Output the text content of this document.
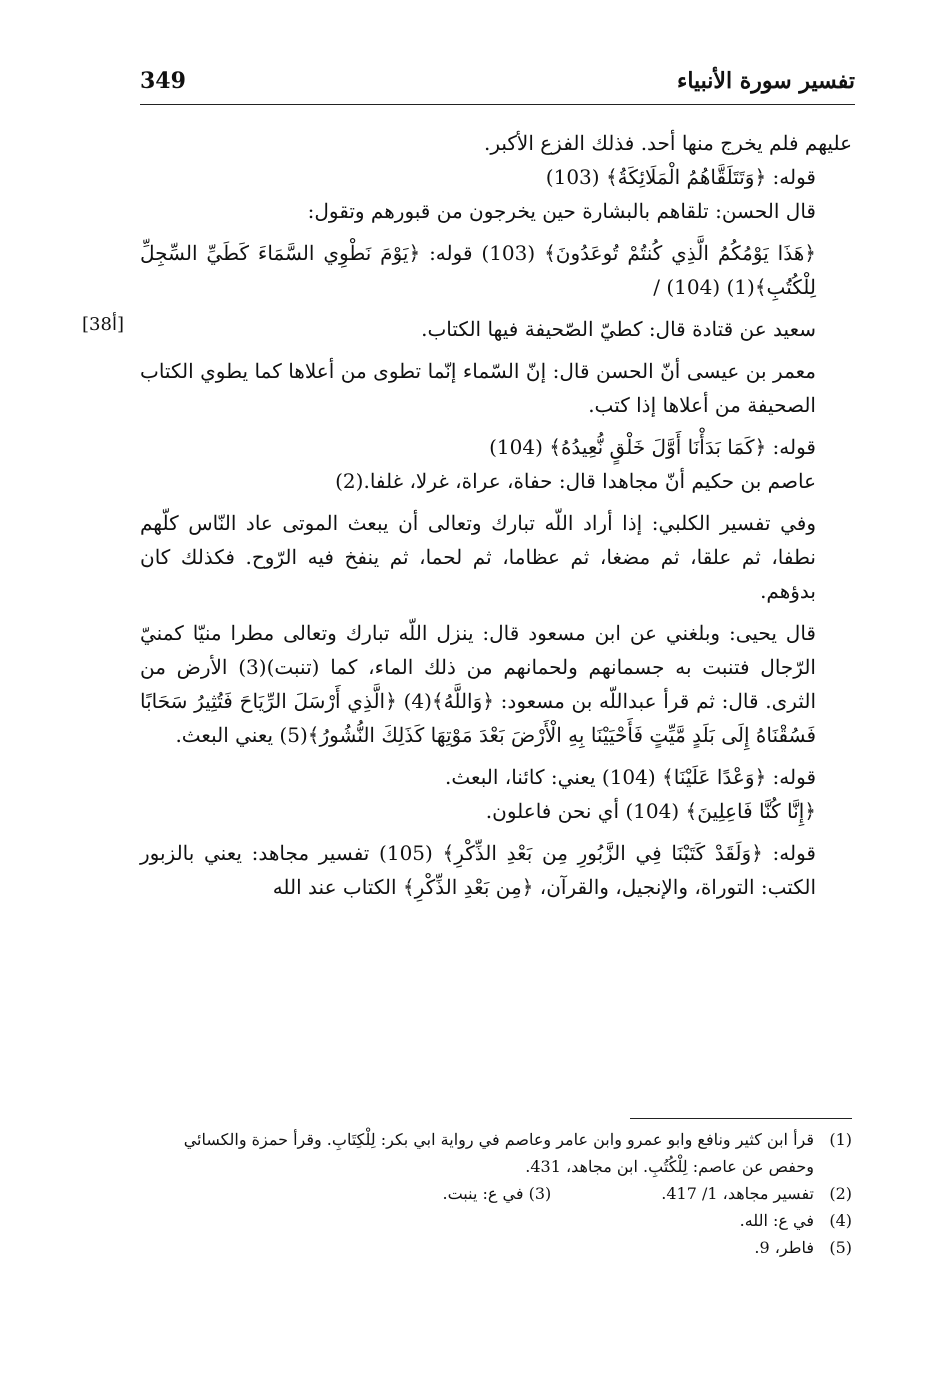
349	تفسير سورة الأنبياء
[38أ]

عليهم فلم يخرج منها أحد. فذلك الفزع الأكبر.

قوله: ﴿وَتَتَلَقَّاهُمُ الْمَلَائِكَةُ﴾ (103)

قال الحسن: تلقاهم بالبشارة حين يخرجون من قبورهم وتقول:

﴿هَذَا يَوْمُكُمُ الَّذِي كُنتُمْ تُوعَدُونَ﴾ (103) قوله: ﴿يَوْمَ نَطْوِي السَّمَاءَ كَطَيِّ السِّجِلِّ لِلْكُتُبِ﴾(1) (104) /

سعيد عن قتادة قال: كطيّ الصّحيفة فيها الكتاب.

معمر بن عيسى أنّ الحسن قال: إنّ السّماء إنّما تطوى من أعلاها كما يطوي الكتاب الصحيفة من أعلاها إذا كتب.

قوله: ﴿كَمَا بَدَأْنَا أَوَّلَ خَلْقٍ نُّعِيدُهُ﴾ (104)

عاصم بن حكيم أنّ مجاهدا قال: حفاة، عراة، غرلا، غلفا.(2)

وفي تفسير الكلبي: إذا أراد اللّه تبارك وتعالى أن يبعث الموتى عاد النّاس كلّهم نطفا، ثم علقا، ثم مضغا، ثم عظاما، ثم لحما، ثم ينفخ فيه الرّوح. فكذلك كان بدؤهم.

قال يحيى: وبلغني عن ابن مسعود قال: ينزل اللّه تبارك وتعالى مطرا منيّا كمنيّ الرّجال فتنبت به جسمانهم ولحمانهم من ذلك الماء، كما (تنبت)(3) الأرض من الثرى. قال: ثم قرأ عبداللّه بن مسعود: ﴿وَاللَّهُ﴾(4) ﴿الَّذِي أَرْسَلَ الرِّيَاحَ فَتُثِيرُ سَحَابًا فَسُقْنَاهُ إِلَى بَلَدٍ مَّيِّتٍ فَأَحْيَيْنَا بِهِ الْأَرْضَ بَعْدَ مَوْتِهَا كَذَلِكَ النُّشُورُ﴾(5) يعني البعث.

قوله: ﴿وَعْدًا عَلَيْنَا﴾ (104) يعني: كائنا، البعث.

﴿إِنَّا كُنَّا فَاعِلِينَ﴾ (104) أي نحن فاعلون.

قوله: ﴿وَلَقَدْ كَتَبْنَا فِي الزَّبُورِ مِن بَعْدِ الذِّكْرِ﴾ (105) تفسير مجاهد: يعني بالزبور الكتب: التوراة، والإنجيل، والقرآن، ﴿مِن بَعْدِ الذِّكْرِ﴾ الكتاب عند الله

(1)
قرأ ابن كثير ونافع وابو عمرو وابن عامر وعاصم في رواية ابي بكر: لِلْكِتَابِ. وقرأ حمزة والكسائي وحفص عن عاصم: لِلْكُتُبِ. ابن مجاهد، 431.
(2)
تفسير مجاهد، 1/ 417.(3) في ع: ينبت.
(4)
في ع: الله.
(5)
فاطر، 9.
